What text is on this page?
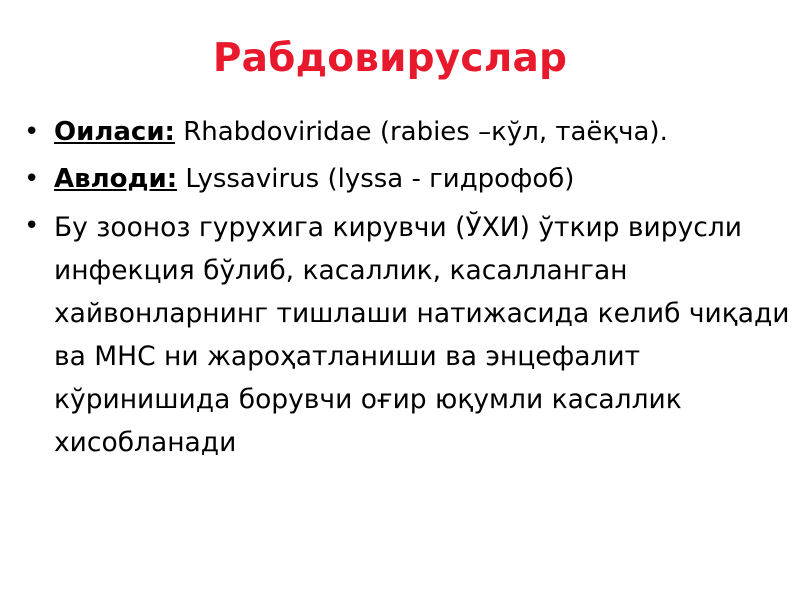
Рабдовируслар
• Оиласи: Rhabdoviridae (rabies –кўл, таёқча).
• Авлоди: Lyssavirus (lyssa - гидрофоб)
• Бу зооноз гурухига кирувчи (ЎХИ) ўткир вирусли инфекция бўлиб, касаллик, касалланган хайвонларнинг тишлаши натижасида келиб чиқади ва МНС ни жароҳатланиши ва энцефалит кўринишида борувчи оғир юқумли касаллик хисобланади
